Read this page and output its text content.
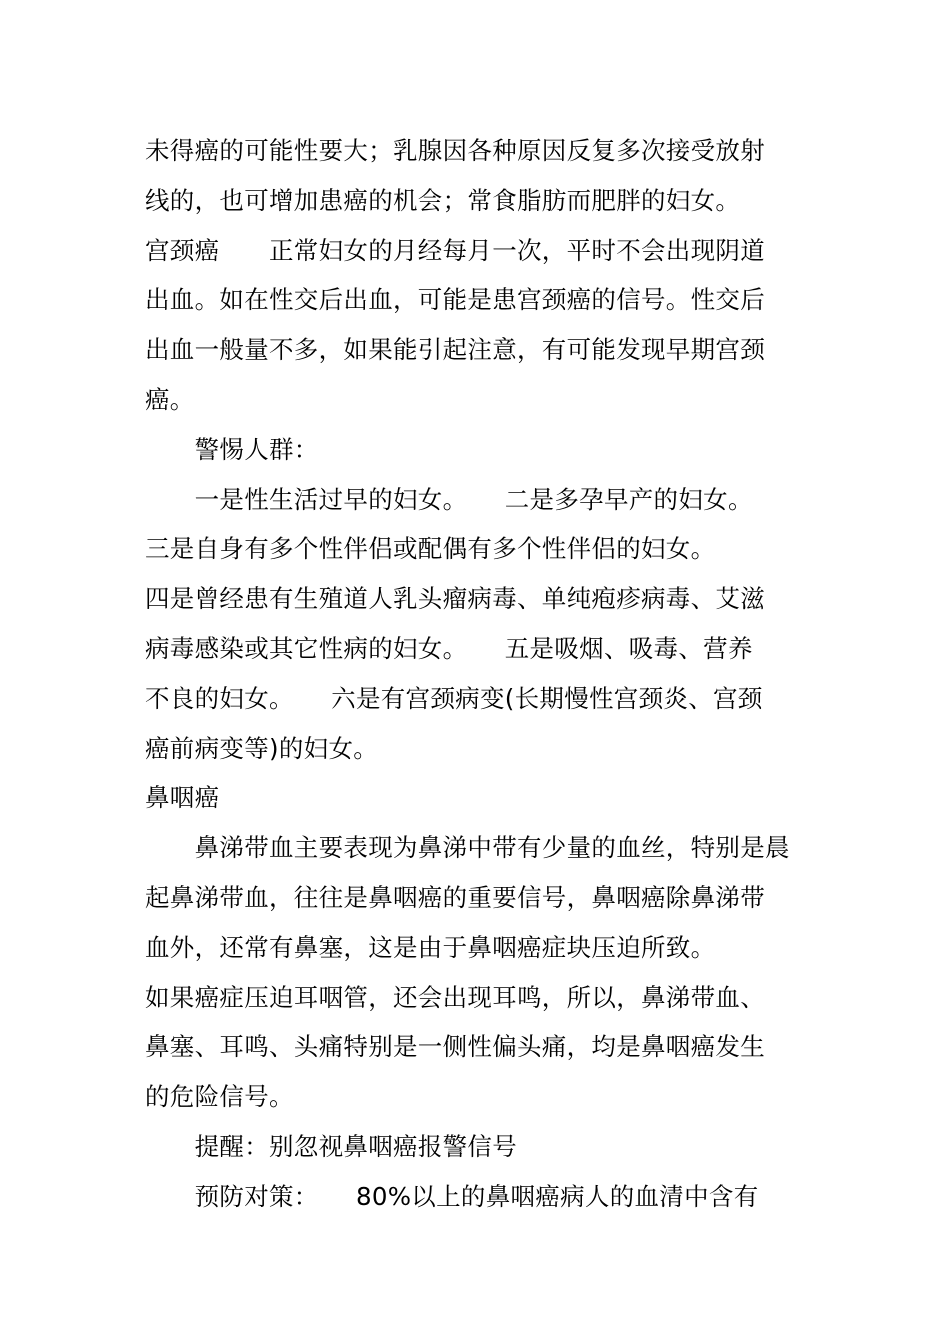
未得癌的可能性要大；乳腺因各种原因反复多次接受放射
线的，也可增加患癌的机会；常食脂肪而肥胖的妇女。
宫颈癌　　正常妇女的月经每月一次，平时不会出现阴道
出血。如在性交后出血，可能是患宫颈癌的信号。性交后
出血一般量不多，如果能引起注意，有可能发现早期宫颈
癌。
　　警惕人群：
　　一是性生活过早的妇女。　　二是多孕早产的妇女。
三是自身有多个性伴侣或配偶有多个性伴侣的妇女。
四是曾经患有生殖道人乳头瘤病毒、单纯疱疹病毒、艾滋
病毒感染或其它性病的妇女。　　五是吸烟、吸毒、营养
不良的妇女。　　六是有宫颈病变(长期慢性宫颈炎、宫颈
癌前病变等)的妇女。
鼻咽癌
　　鼻涕带血主要表现为鼻涕中带有少量的血丝，特别是晨
起鼻涕带血，往往是鼻咽癌的重要信号，鼻咽癌除鼻涕带
血外，还常有鼻塞，这是由于鼻咽癌症块压迫所致。
如果癌症压迫耳咽管，还会出现耳鸣，所以，鼻涕带血、
鼻塞、耳鸣、头痛特别是一侧性偏头痛，均是鼻咽癌发生
的危险信号。
　　提醒：别忽视鼻咽癌报警信号
　　预防对策：　　80%以上的鼻咽癌病人的血清中含有
